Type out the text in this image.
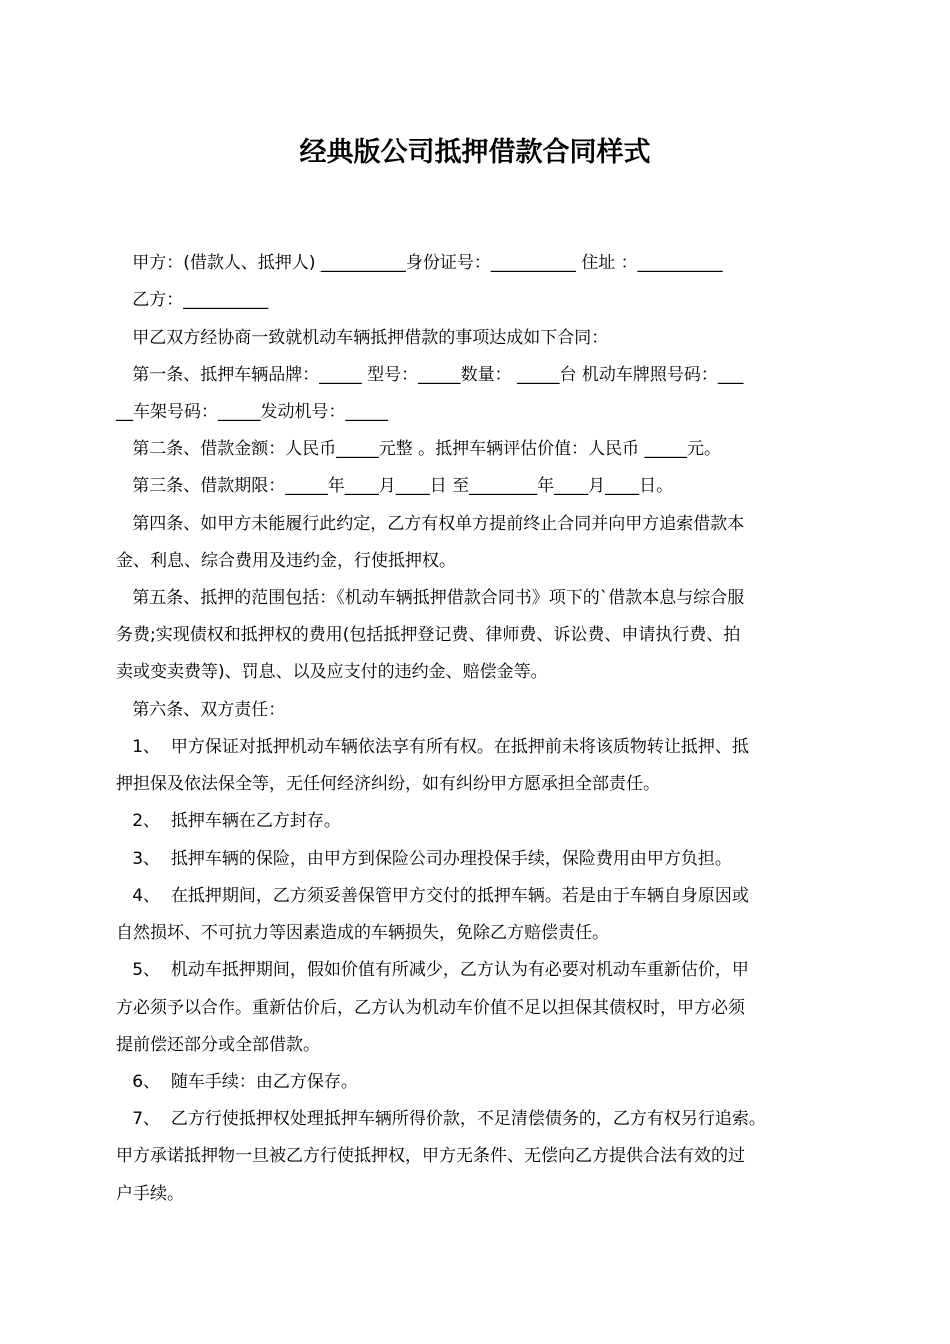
经典版公司抵押借款合同样式
甲方：(借款人、抵押人) __________身份证号：__________ 住址 ：__________
乙方：__________
甲乙双方经协商一致就机动车辆抵押借款的事项达成如下合同：
第一条、抵押车辆品牌：_____ 型号：_____数量： _____台 机动车牌照号码：___
__车架号码：_____发动机号：_____
第二条、借款金额：人民币_____元整 。抵押车辆评估价值：人民币 _____元。
第三条、借款期限：_____年____月____日 至________年____月____日。
第四条、如甲方未能履行此约定，乙方有权单方提前终止合同并向甲方追索借款本
金、利息、综合费用及违约金，行使抵押权。
第五条、抵押的范围包括：《机动车辆抵押借款合同书》项下的`借款本息与综合服
务费;实现债权和抵押权的费用(包括抵押登记费、律师费、诉讼费、申请执行费、拍
卖或变卖费等)、罚息、以及应支付的违约金、赔偿金等。
第六条、双方责任：
1、  甲方保证对抵押机动车辆依法享有所有权。在抵押前未将该质物转让抵押、抵
押担保及依法保全等，无任何经济纠纷，如有纠纷甲方愿承担全部责任。
2、  抵押车辆在乙方封存。
3、  抵押车辆的保险，由甲方到保险公司办理投保手续，保险费用由甲方负担。
4、  在抵押期间，乙方须妥善保管甲方交付的抵押车辆。若是由于车辆自身原因或
自然损坏、不可抗力等因素造成的车辆损失，免除乙方赔偿责任。
5、  机动车抵押期间，假如价值有所减少，乙方认为有必要对机动车重新估价，甲
方必须予以合作。重新估价后，乙方认为机动车价值不足以担保其债权时，甲方必须
提前偿还部分或全部借款。
6、  随车手续：由乙方保存。
7、  乙方行使抵押权处理抵押车辆所得价款，不足清偿债务的，乙方有权另行追索。
甲方承诺抵押物一旦被乙方行使抵押权，甲方无条件、无偿向乙方提供合法有效的过
户手续。
